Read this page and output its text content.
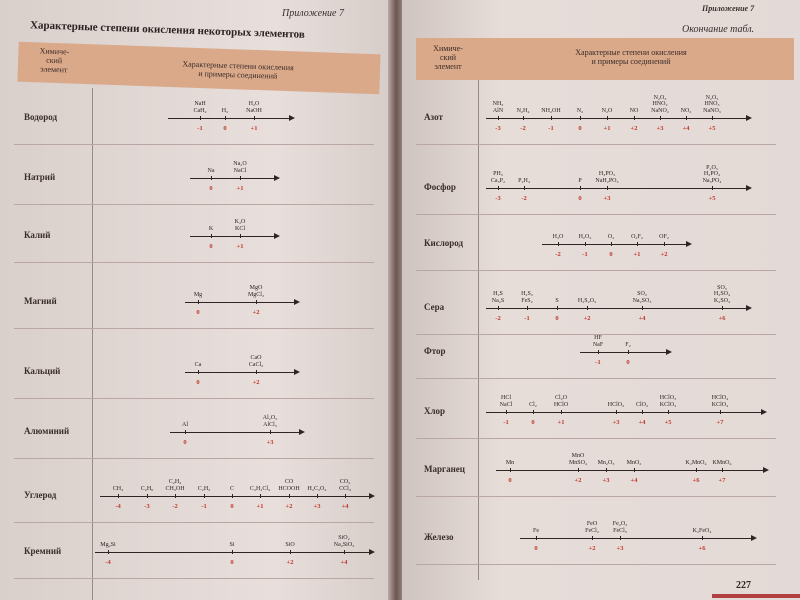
Приложение 7
Характерные степени окисления некоторых элементов
Химиче-
ский
элемент	Характерные степени окисления
и примеры соединений
Водород
-1
NaH
CaH₂
0
H₂
+1
H₂O
NaOH
Натрий
0
Na
+1
Na₂O
NaCl
Калий
0
K
+1
K₂O
KCl
Магний
0
Mg
+2
MgO
MgCl₂
Кальций
0
Ca
+2
CaO
CaCl₂
Алюминий
0
Al
+3
Al₂O₃
AlCl₃
Углерод
-4
CH₄
-3
C₂H₆
-2
C₂H₄
CH₃OH
-1
C₂H₂
0
C
+1
C₂H₂Cl₄
+2
CO
HCOOH
+3
H₂C₂O₄
+4
CO₂
CCl₄
Кремний
-4
Mg₂Si
0
Si
+2
SiO
+4
SiO₂
Na₂SiO₃
Приложение 7
Окончание табл.
Химиче-
ский
элемент
Характерные степени окисления
и примеры соединений
Азот
-3
NH₃
AlN
-2
N₂H₄
-1
NH₂OH
0
N₂
+1
N₂O
+2
NO
+3
N₂O₃
HNO₂
NaNO₂
+4
NO₂
+5
N₂O₅
HNO₃
NaNO₃
Фосфор
-3
PH₃
Ca₃P₂
-2
P₂H₄
0
P
+3
H₃PO₃
NaH₂PO₃
+5
P₂O₅
H₃PO₄
Na₃PO₄
Кислород
-2
H₂O
-1
H₂O₂
0
O₂
+1
O₂F₂
+2
OF₂
Сера
-2
H₂S
Na₂S
-1
H₂S₂
FeS₂
0
S
+2
H₂S₂O₃
+4
SO₂
Na₂SO₃
+6
SO₃
H₂SO₄
K₂SO₄
Фтор
-1
HF
NaF
0
F₂
Хлор
-1
HCl
NaCl
0
Cl₂
+1
Cl₂O
HClO
+3
HClO₂
+4
ClO₂
+5
HClO₃
KClO₃
+7
HClO₄
KClO₄
Марганец
0
Mn
+2
MnO
MnSO₄
+3
Mn₂O₃
+4
MnO₂
+6
K₂MnO₄
+7
KMnO₄
Железо
0
Fe
+2
FeO
FeCl₂
+3
Fe₂O₃
FeCl₃
+6
K₂FeO₄
227
